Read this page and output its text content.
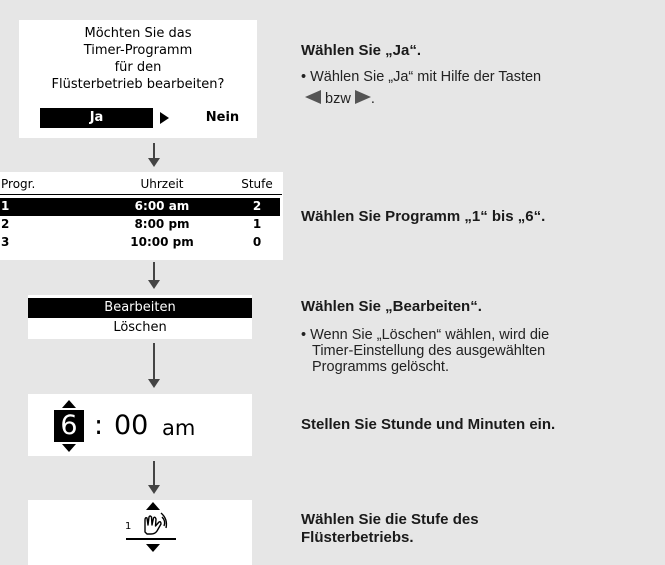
Möchten Sie das
Timer-Programm
für den
Flüsterbetrieb bearbeiten?
Ja	Nein
Progr.	Uhrzeit	Stufe
1	6:00 am	2
2	8:00 pm	1
3	10:00 pm	0
Bearbeiten
Löschen
6 : 00 am
1
Wählen Sie „Ja“.
• Wählen Sie „Ja“ mit Hilfe der Tasten
bzw .
Wählen Sie Programm „1“ bis „6“.
Wählen Sie „Bearbeiten“.
• Wenn Sie „Löschen“ wählen, wird die
Timer-Einstellung des ausgewählten
Programms gelöscht.
Stellen Sie Stunde und Minuten ein.
Wählen Sie die Stufe des
Flüsterbetriebs.
